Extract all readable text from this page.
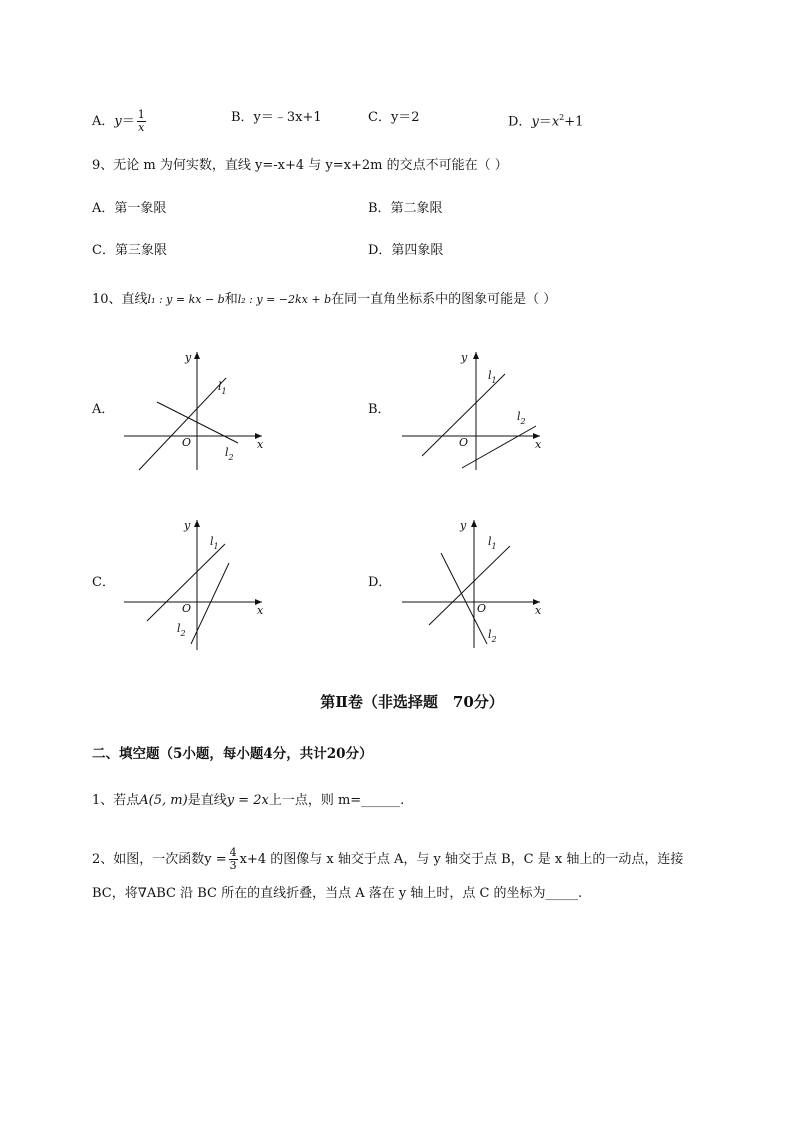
A．$y= \frac{1}{x}$	B．y＝﹣3x+1	C．y＝2	D．$y=x^2+1$
9、无论 m 为何实数，直线 y=-x+4 与 y=x+2m 的交点不可能在（ ）
A．第一象限	B．第二象限
C．第三象限	D．第四象限
10、直线l₁ : y = kx − b和l₂ : y = −2kx + b在同一直角坐标系中的图象可能是（ ）
A．	B．
C．	D．
y
x
O
$l_1$
$l_2$
y
x
O
$l_1$
$l_2$
y
x
O
$l_1$
$l_2$
y
x
O
$l_1$
$l_2$
第Ⅱ卷（非选择题　70分）
二、填空题（5小题，每小题4分，共计20分）
1、若点A(5, m)是直线y = 2x上一点，则 m=______.
2、如图，一次函数$y = \frac{4}{3} x+4$ 的图像与 x 轴交于点 A，与 y 轴交于点 B，C 是 x 轴上的一动点，连接
BC，将∇ABC 沿 BC 所在的直线折叠，当点 A 落在 y 轴上时，点 C 的坐标为_____.
